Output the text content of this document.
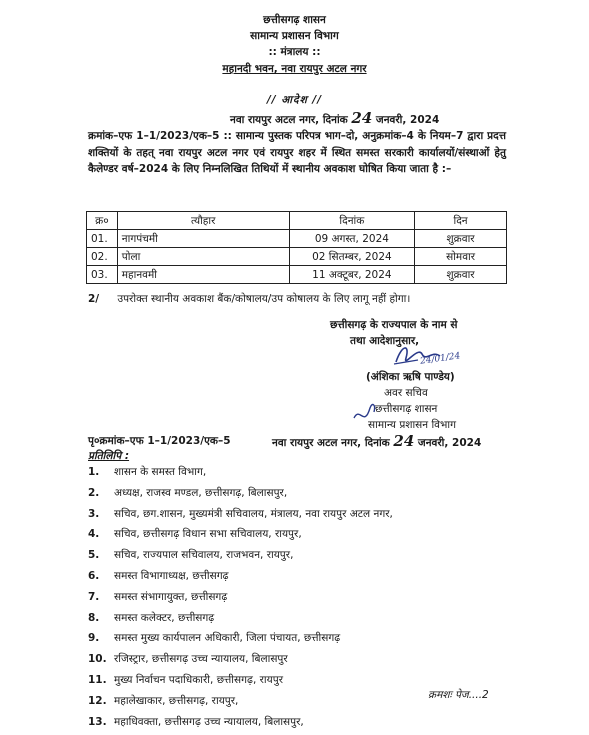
छत्तीसगढ़ शासन
सामान्य प्रशासन विभाग
:: मंत्रालय ::
महानदी भवन, नवा रायपुर अटल नगर
// आदेश //
नवा रायपुर अटल नगर, दिनांक 24 जनवरी, 2024
क्रमांक–एफ 1–1/2023/एक–5 :: सामान्य पुस्तक परिपत्र भाग–दो, अनुक्रमांक–4 के नियम–7 द्वारा प्रदत्त शक्तियों के तहत् नवा रायपुर अटल नगर एवं रायपुर शहर में स्थित समस्त सरकारी कार्यालयों/संस्थाओं हेतु कैलेण्डर वर्ष–2024 के लिए निम्नलिखित तिथियों में स्थानीय अवकाश घोषित किया जाता है :–
क्र०	त्यौहार	दिनांक	दिन
01.	नागपंचमी	09 अगस्त, 2024	शुक्रवार
02.	पोला	02 सितम्बर, 2024	सोमवार
03.	महानवमी	11 अक्टूबर, 2024	शुक्रवार
2/ उपरोक्त स्थानीय अवकाश बैंक/कोषालय/उप कोषालय के लिए लागू नहीं होगा।
छत्तीसगढ़ के राज्यपाल के नाम से
तथा आदेशानुसार,
24/01/24
(अंशिका ऋषि पाण्डेय)
अवर सचिव
छत्तीसगढ़ शासन
सामान्य प्रशासन विभाग
पृ०क्रमांक–एफ 1–1/2023/एक–5	नवा रायपुर अटल नगर, दिनांक 24 जनवरी, 2024
प्रतिलिपि :
1.	शासन के समस्त विभाग,
2.	अध्यक्ष, राजस्व मण्डल, छत्तीसगढ़, बिलासपुर,
3.	सचिव, छग.शासन, मुख्यमंत्री सचिवालय, मंत्रालय, नवा रायपुर अटल नगर,
4.	सचिव, छत्तीसगढ़ विधान सभा सचिवालय, रायपुर,
5.	सचिव, राज्यपाल सचिवालय, राजभवन, रायपुर,
6.	समस्त विभागाध्यक्ष, छत्तीसगढ़
7.	समस्त संभागायुक्त, छत्तीसगढ़
8.	समस्त कलेक्टर, छत्तीसगढ़
9.	समस्त मुख्य कार्यपालन अधिकारी, जिला पंचायत, छत्तीसगढ़
10. रजिस्ट्रार, छत्तीसगढ़ उच्च न्यायालय, बिलासपुर
11. मुख्य निर्वाचन पदाधिकारी, छत्तीसगढ़, रायपुर
12. महालेखाकार, छत्तीसगढ़, रायपुर,
13. महाधिवक्ता, छत्तीसगढ़ उच्च न्यायालय, बिलासपुर,
क्रमशः पेज....2
